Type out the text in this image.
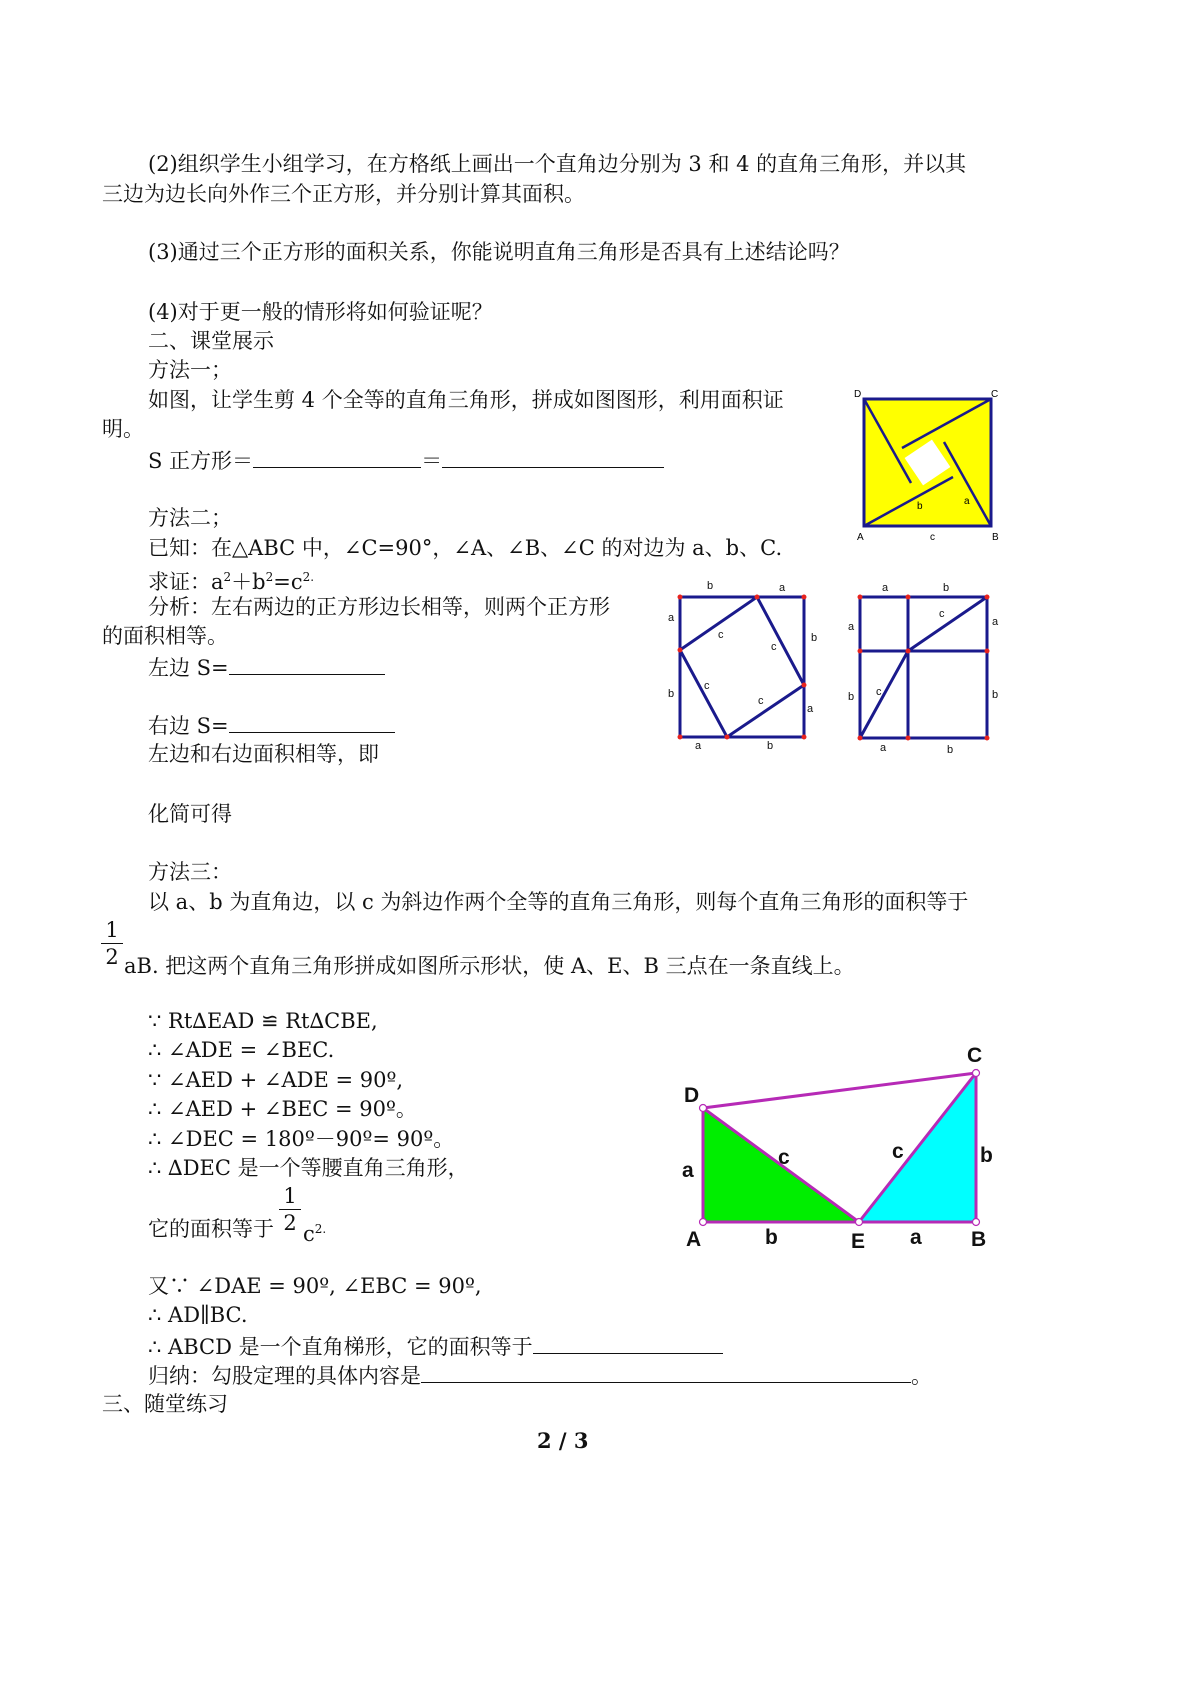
(2)组织学生小组学习，在方格纸上画出一个直角边分别为 3 和 4 的直角三角形，并以其
三边为边长向外作三个正方形，并分别计算其面积。
(3)通过三个正方形的面积关系，你能说明直角三角形是否具有上述结论吗？
(4)对于更一般的情形将如何验证呢？
二、课堂展示
方法一；
如图，让学生剪 4 个全等的直角三角形，拼成如图图形，利用面积证
明。
S 正方形＝	＝
D	C
A	B
c
b	a
方法二；
已知：在△ABC 中，∠C=90°，∠A、∠B、∠C 的对边为 a、b、C.
求证：$a^2+b^2=c^{2.}$
分析：左右两边的正方形边长相等，则两个正方形
的面积相等。
左边 S=
右边 S=
左边和右边面积相等，即
化简可得
b	a
a
b
b
a
a	b
c
c
c
c
a	b
a
b
a
b
a	b
c
c
方法三：
以 a、b 为直角边，以 c 为斜边作两个全等的直角三角形，则每个直角三角形的面积等于
1
2 aB. 把这两个直角三角形拼成如图所示形状，使 A、E、B 三点在一条直线上。
∵ Rt∆EAD ≌ Rt∆CBE,
∴ ∠ADE = ∠BEC.
∵ ∠AED + ∠ADE = 90º,
∴ ∠AED + ∠BEC = 90º。
∴ ∠DEC = 180º－90º= 90º。
∴ ∆DEC 是一个等腰直角三角形，
1
2
它的面积等于 $c^{2.}$
又∵ ∠DAE = 90º, ∠EBC = 90º,
∴ AD∥BC.
∴ ABCD 是一个直角梯形，它的面积等于
归纳：勾股定理的具体内容是	。
三、随堂练习
D
A	E	B
C
a
b
c	c	b
a
2 / 3
